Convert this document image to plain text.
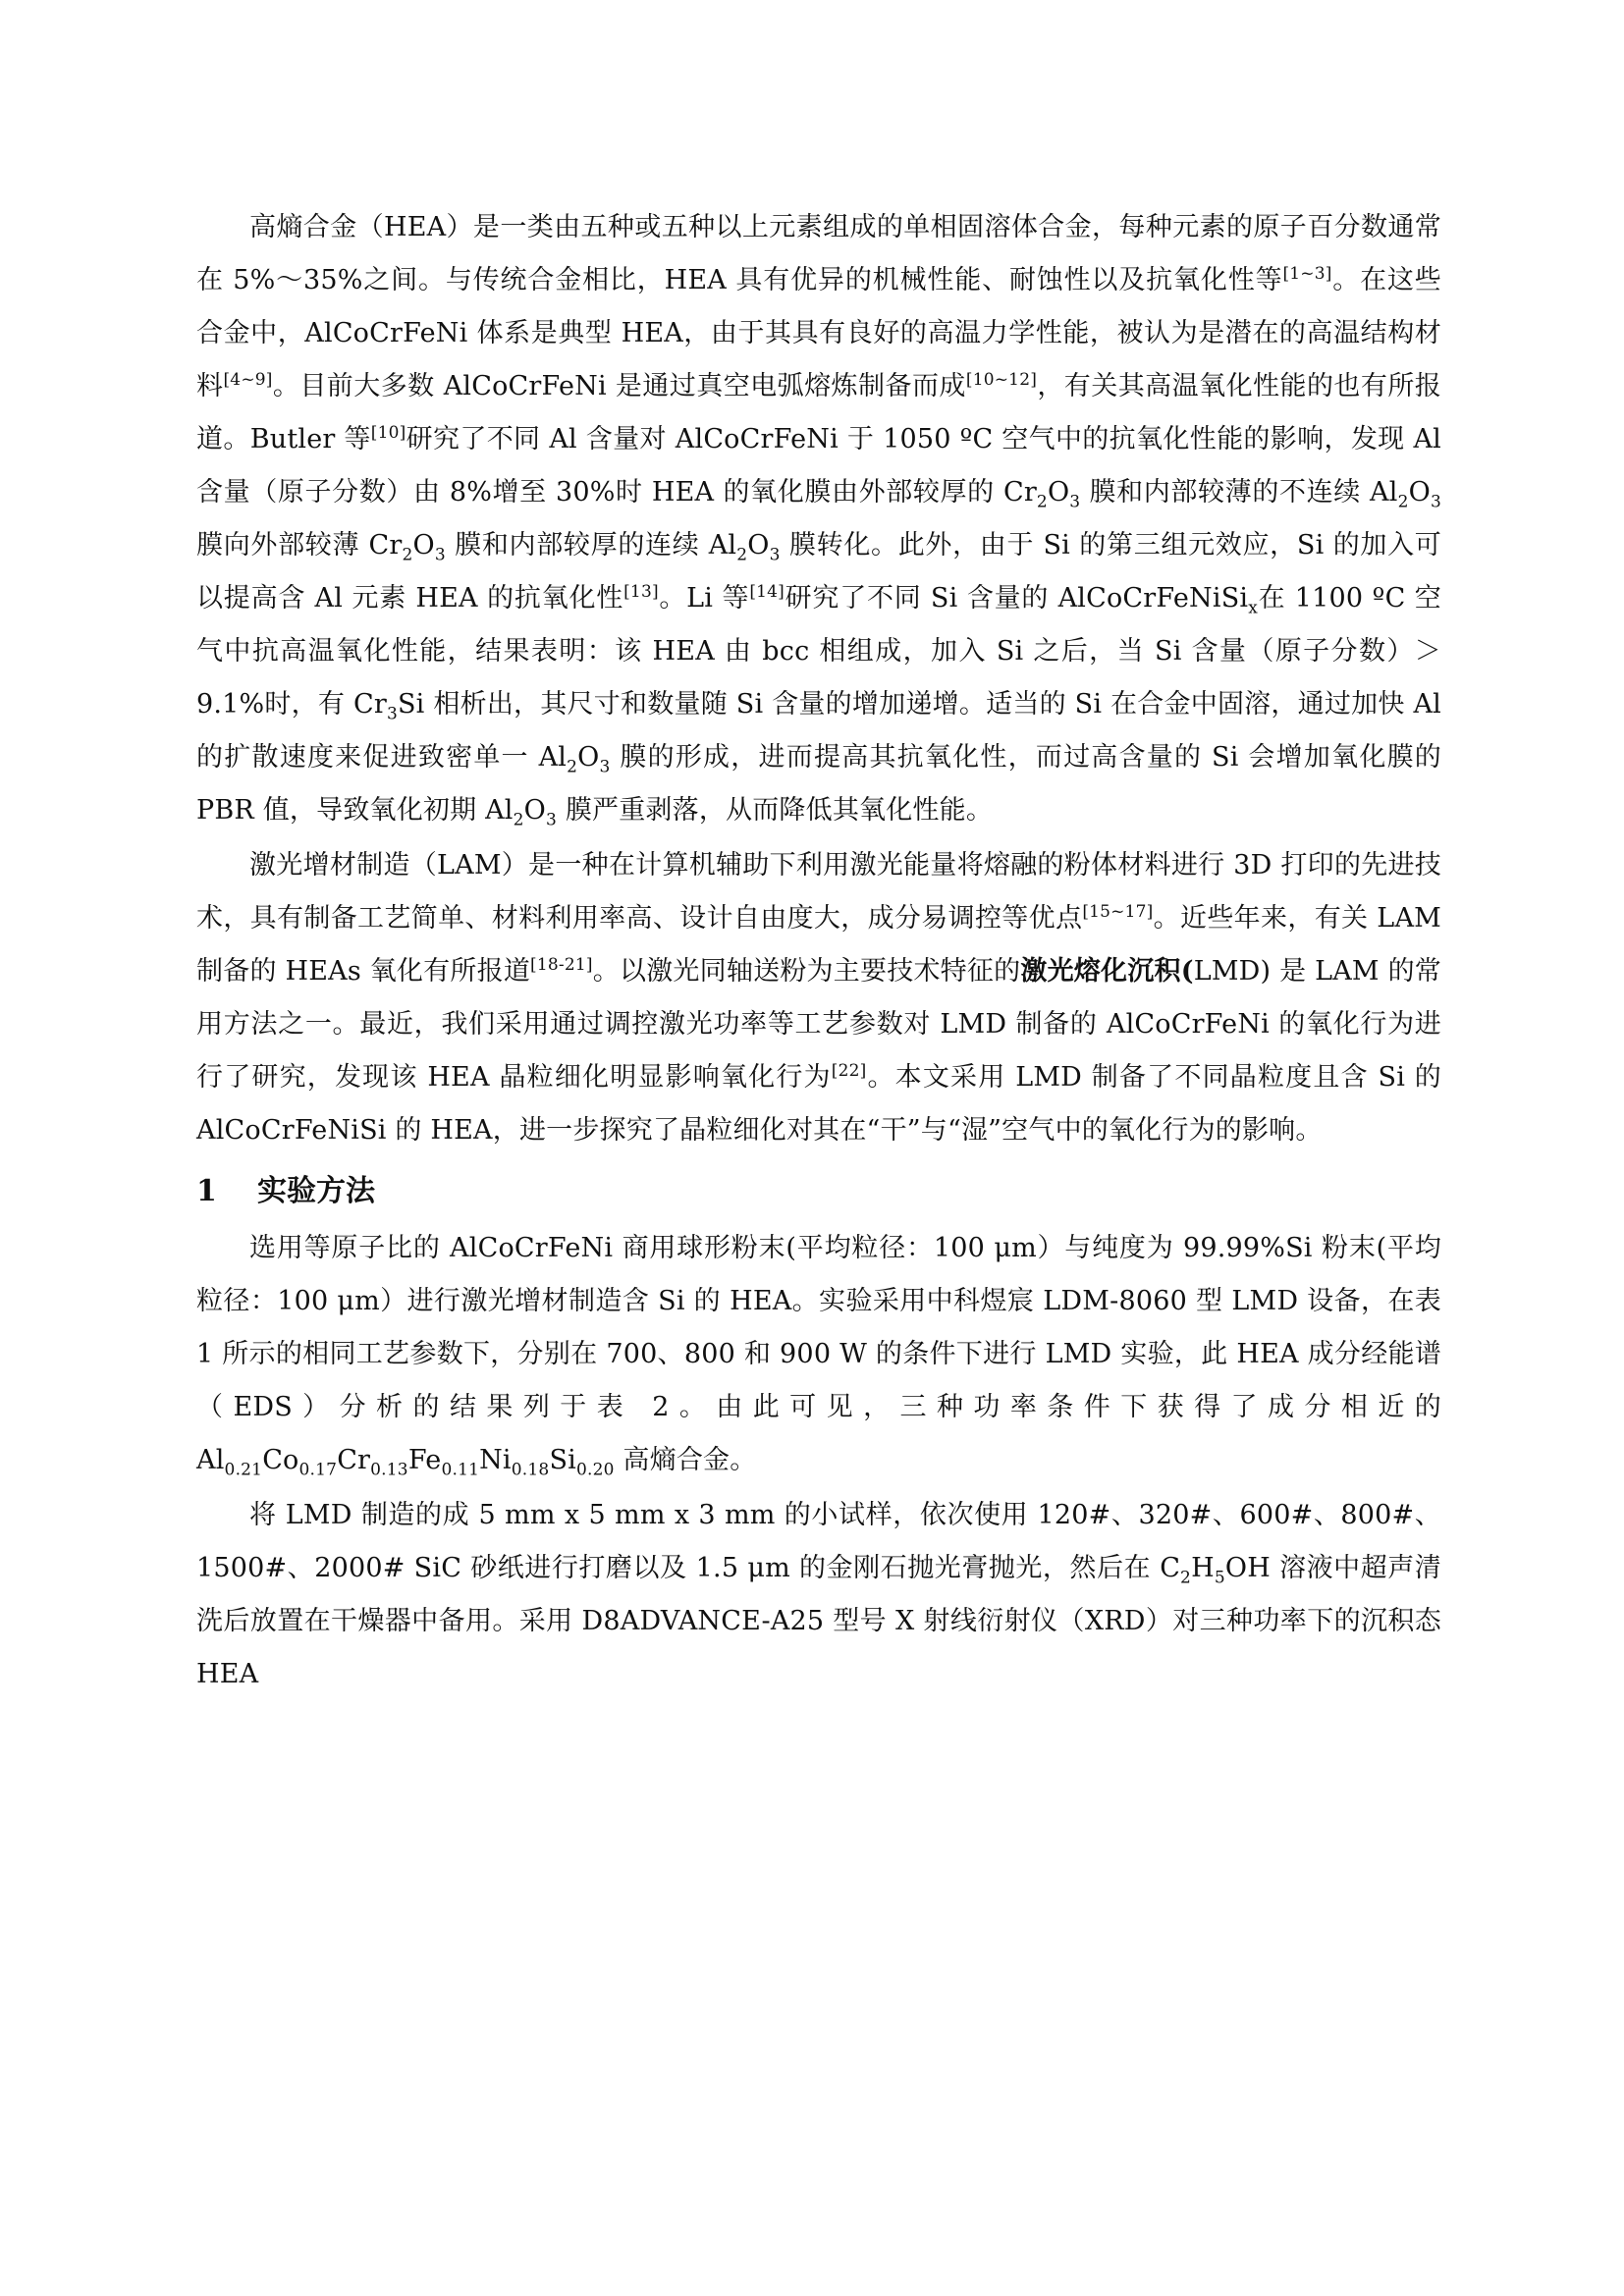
高熵合金（HEA）是一类由五种或五种以上元素组成的单相固溶体合金，每种元素的原子百分数通常在 5%～35%之间。与传统合金相比，HEA 具有优异的机械性能、耐蚀性以及抗氧化性等[1~3]。在这些合金中，AlCoCrFeNi 体系是典型 HEA，由于其具有良好的高温力学性能，被认为是潜在的高温结构材料[4~9]。目前大多数 AlCoCrFeNi 是通过真空电弧熔炼制备而成[10~12]，有关其高温氧化性能的也有所报道。Butler 等[10]研究了不同 Al 含量对 AlCoCrFeNi 于 1050 ºC 空气中的抗氧化性能的影响，发现 Al 含量（原子分数）由 8%增至 30%时 HEA 的氧化膜由外部较厚的 $Cr_2O_3$ 膜和内部较薄的不连续 $Al_2O_3$ 膜向外部较薄 $Cr_2O_3$ 膜和内部较厚的连续 $Al_2O_3$ 膜转化。此外，由于 Si 的第三组元效应，Si 的加入可以提高含 Al 元素 HEA 的抗氧化性[13]。Li 等[14]研究了不同 Si 含量的 AlCoCrFeNiSi$_x$在 1100 ºC 空气中抗高温氧化性能，结果表明：该 HEA 由 bcc 相组成，加入 Si 之后，当 Si 含量（原子分数）＞9.1%时，有 $Cr_3Si$ 相析出，其尺寸和数量随 Si 含量的增加递增。适当的 Si 在合金中固溶，通过加快 Al 的扩散速度来促进致密单一 $Al_2O_3$ 膜的形成，进而提高其抗氧化性，而过高含量的 Si 会增加氧化膜的 PBR 值，导致氧化初期 $Al_2O_3$ 膜严重剥落，从而降低其氧化性能。

激光增材制造（LAM）是一种在计算机辅助下利用激光能量将熔融的粉体材料进行 3D 打印的先进技术，具有制备工艺简单、材料利用率高、设计自由度大，成分易调控等优点[15~17]。近些年来，有关 LAM 制备的 HEAs 氧化有所报道[18-21]。以激光同轴送粉为主要技术特征的激光熔化沉积(LMD) 是 LAM 的常用方法之一。最近，我们采用通过调控激光功率等工艺参数对 LMD 制备的 AlCoCrFeNi 的氧化行为进行了研究，发现该 HEA 晶粒细化明显影响氧化行为[22]。本文采用 LMD 制备了不同晶粒度且含 Si 的 AlCoCrFeNiSi 的 HEA，进一步探究了晶粒细化对其在“干”与“湿”空气中的氧化行为的影响。

1	实验方法

选用等原子比的 AlCoCrFeNi 商用球形粉末(平均粒径：100 μm）与纯度为 99.99%Si 粉末(平均粒径：100 μm）进行激光增材制造含 Si 的 HEA。实验采用中科煜宸 LDM-8060 型 LMD 设备，在表 1 所示的相同工艺参数下，分别在 700、800 和 900 W 的条件下进行 LMD 实验，此 HEA 成分经能谱（EDS）分析的结果列于表 2。由此可见，三种功率条件下获得了成分相近的 $Al_{0.21}Co_{0.17}Cr_{0.13}Fe_{0.11}Ni_{0.18}Si_{0.20}$ 高熵合金。

将 LMD 制造的成 5 mm x 5 mm x 3 mm 的小试样，依次使用 120#、320#、600#、800#、1500#、2000# SiC 砂纸进行打磨以及 1.5 μm 的金刚石抛光膏抛光，然后在 $C_2H_5OH$ 溶液中超声清洗后放置在干燥器中备用。采用 D8ADVANCE-A25 型号 X 射线衍射仪（XRD）对三种功率下的沉积态 HEA
